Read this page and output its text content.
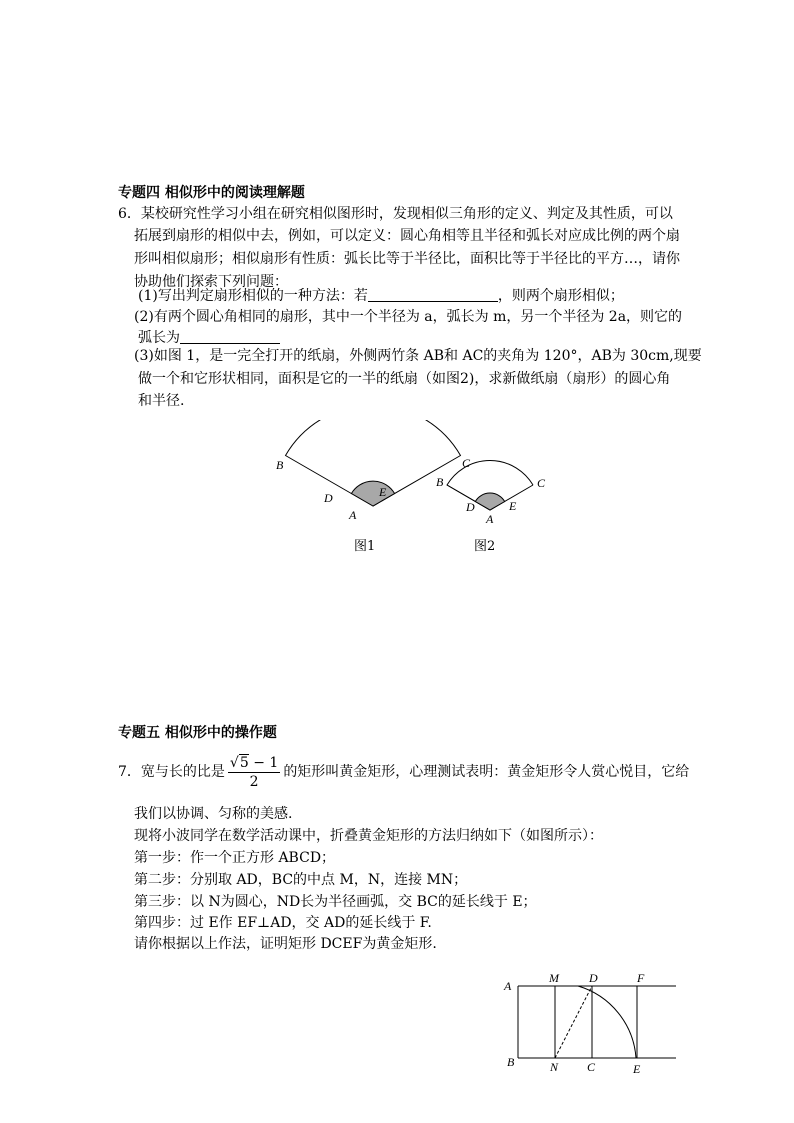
专题四 相似形中的阅读理解题
6．某校研究性学习小组在研究相似图形时，发现相似三角形的定义、判定及其性质，可以
拓展到扇形的相似中去，例如，可以定义：圆心角相等且半径和弧长对应成比例的两个扇
形叫相似扇形；相似扇形有性质：弧长比等于半径比，面积比等于半径比的平方…，请你
协助他们探索下列问题：
(1)写出判定扇形相似的一种方法：若	，则两个扇形相似；
(2)有两个圆心角相同的扇形，其中一个半径为 a，弧长为 m，另一个半径为 2a，则它的
弧长为
(3)如图 1，是一完全打开的纸扇，外侧两竹条 AB和 AC的夹角为 120°，AB为 30cm,现要
做一个和它形状相同，面积是它的一半的纸扇（如图2)，求新做纸扇（扇形）的圆心角
和半径.
B	C
D	E
A
B	C
D	E
A
图1	图2
专题五 相似形中的操作题
7．宽与长的比是 $\frac{√5 - 1}{2}$ 的矩形叫黄金矩形，心理测试表明：黄金矩形令人赏心悦目，它给
我们以协调、匀称的美感.
现将小波同学在数学活动课中，折叠黄金矩形的方法归纳如下（如图所示）：
第一步：作一个正方形 ABCD；
第二步：分别取 AD，BC的中点 M，N，连接 MN；
第三步：以 N为圆心，ND长为半径画弧，交 BC的延长线于 E；
第四步：过 E作 EF⊥AD，交 AD的延长线于 F.
请你根据以上作法，证明矩形 DCEF为黄金矩形.
A
M	D	F
B	N C	E
